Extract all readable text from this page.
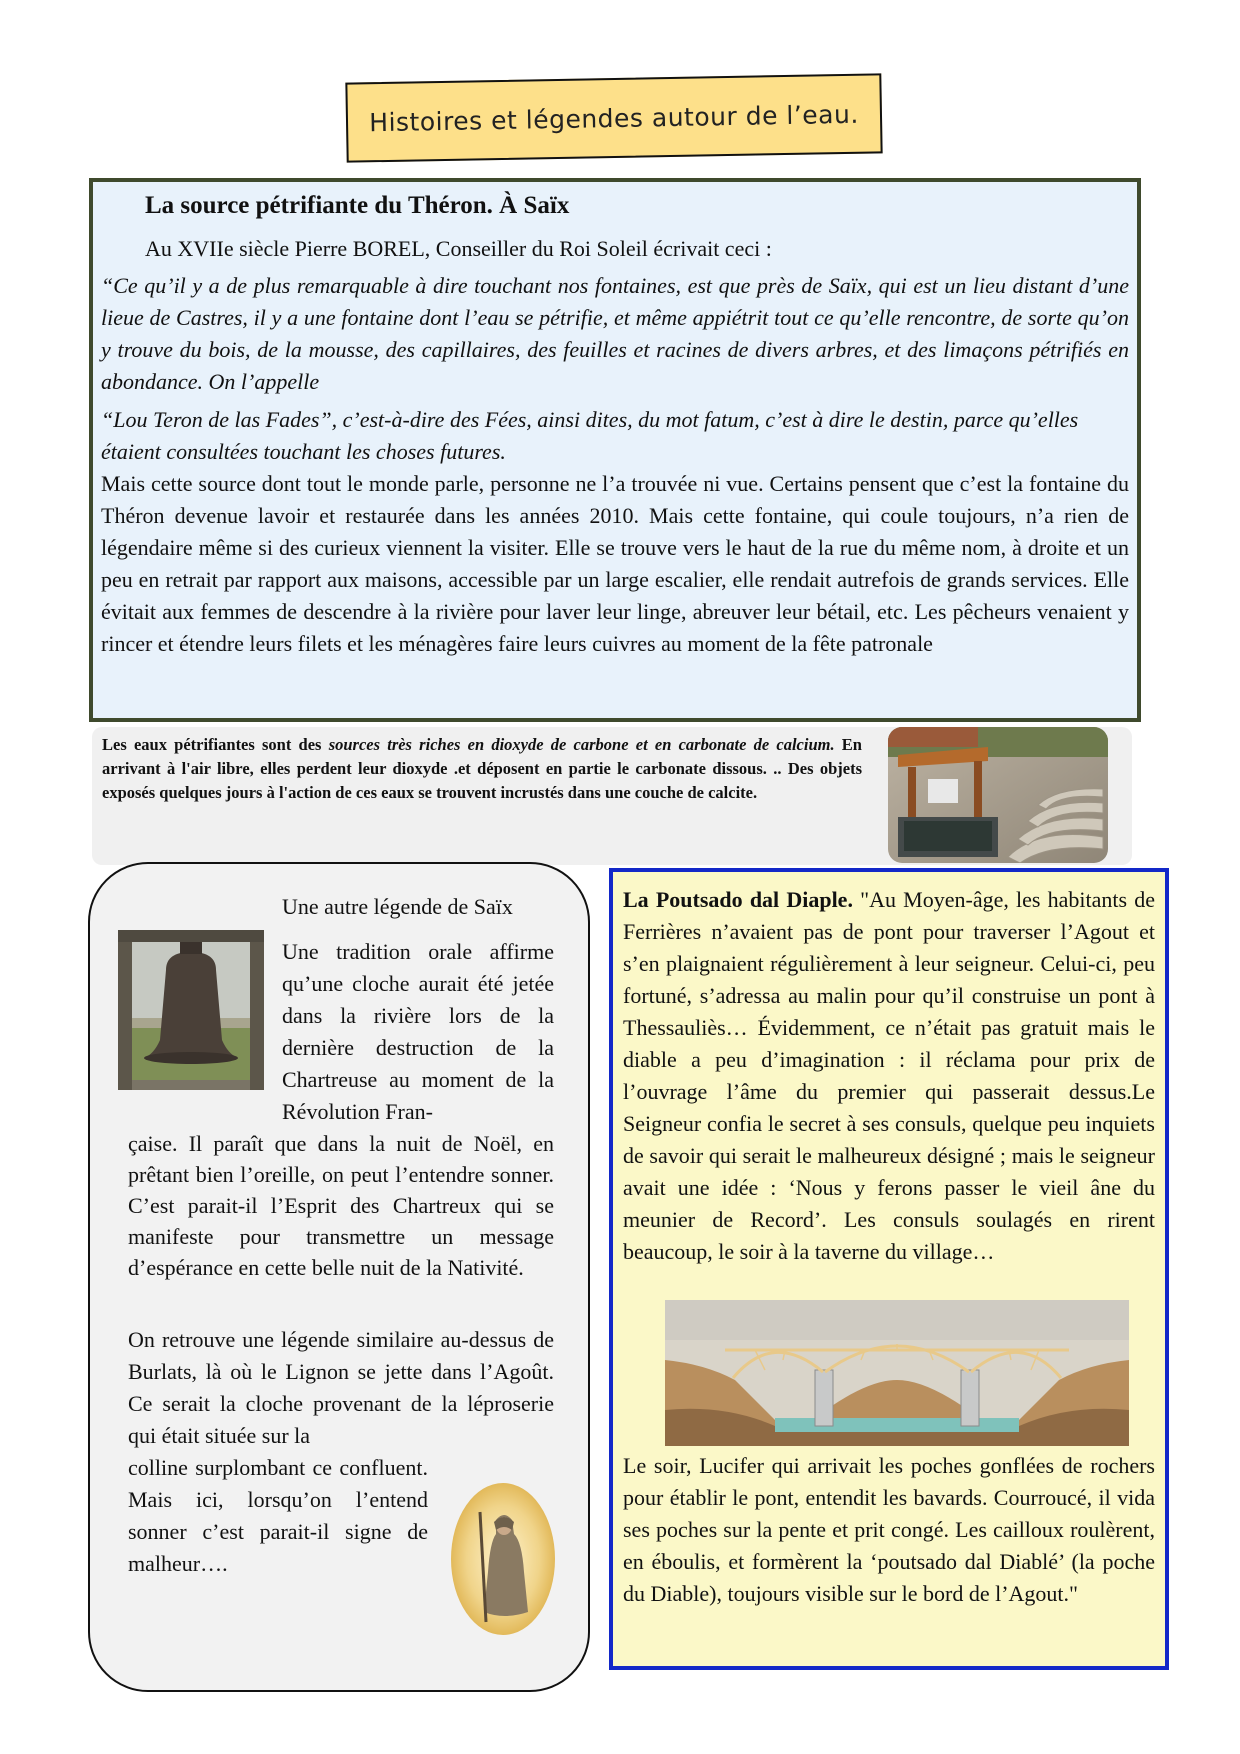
Histoires et légendes autour de l’eau.
La source pétrifiante du Théron. À Saïx

Au XVIIe siècle Pierre BOREL, Conseiller du Roi Soleil écrivait ceci :

“Ce qu’il y a de plus remarquable à dire touchant nos fontaines, est que près de Saïx, qui est un lieu distant d’une lieue de Castres, il y a une fontaine dont l’eau se pétrifie, et même appiétrit tout ce qu’elle rencontre, de sorte qu’on y trouve du bois, de la mousse, des capillaires, des feuilles et racines de divers arbres, et des limaçons pétrifiés en abondance. On l’appelle

“Lou Teron de las Fades”, c’est-à-dire des Fées, ainsi dites, du mot fatum, c’est à dire le destin, parce qu’elles étaient consultées touchant les choses futures.

Mais cette source dont tout le monde parle, personne ne l’a trouvée ni vue. Certains pensent que c’est la fontaine du Théron devenue lavoir et restaurée dans les années 2010. Mais cette fontaine, qui coule toujours, n’a rien de légendaire même si des curieux viennent la visiter. Elle se trouve vers le haut de la rue du même nom, à droite et un peu en retrait par rapport aux maisons, accessible par un large escalier, elle rendait autrefois de grands services. Elle évitait aux femmes de descendre à la rivière pour laver leur linge, abreuver leur bétail, etc. Les pêcheurs venaient y rincer et étendre leurs filets et les ménagères faire leurs cuivres au moment de la fête patronale

Les eaux pétrifiantes sont des sources très riches en dioxyde de carbone et en carbonate de calcium. En arrivant à l'air libre, elles perdent leur dioxyde .et déposent en partie le carbonate dissous. .. Des objets exposés quelques jours à l'action de ces eaux se trouvent incrustés dans une couche de calcite.

Une autre légende de Saïx

Une tradition orale affirme qu’une cloche aurait été jetée dans la rivière lors de la dernière destruction de la Chartreuse au moment de la Révolution Fran-

çaise. Il paraît que dans la nuit de Noël, en prêtant bien l’oreille, on peut l’entendre sonner. C’est parait-il l’Esprit des Chartreux qui se manifeste pour transmettre un message d’espérance en cette belle nuit de la Nativité.

On retrouve une légende similaire au-dessus de Burlats, là où le Lignon se jette dans l’Agoût. Ce serait la cloche provenant de la léproserie qui était située sur la

colline surplombant ce confluent. Mais ici, lorsqu’on l’entend sonner c’est parait-il signe de malheur….

La Poutsado dal Diaple. "Au Moyen-âge, les habitants de Ferrières n’avaient pas de pont pour traverser l’Agout et s’en plaignaient régulièrement à leur seigneur. Celui-ci, peu fortuné, s’adressa au malin pour qu’il construise un pont à Thessauliès… Évidemment, ce n’était pas gratuit mais le diable a peu d’imagination : il réclama pour prix de l’ouvrage l’âme du premier qui passerait dessus.Le Seigneur confia le secret à ses consuls, quelque peu inquiets de savoir qui serait le malheureux désigné ; mais le seigneur avait une idée : ‘Nous y ferons passer le vieil âne du meunier de Record’. Les consuls soulagés en rirent beaucoup, le soir à la taverne du village…

Le soir, Lucifer qui arrivait les poches gonflées de rochers pour établir le pont, entendit les bavards. Courroucé, il vida ses poches sur la pente et prit congé. Les cailloux roulèrent, en éboulis, et formèrent la ‘poutsado dal Diablé’ (la poche du Diable), toujours visible sur le bord de l’Agout."
